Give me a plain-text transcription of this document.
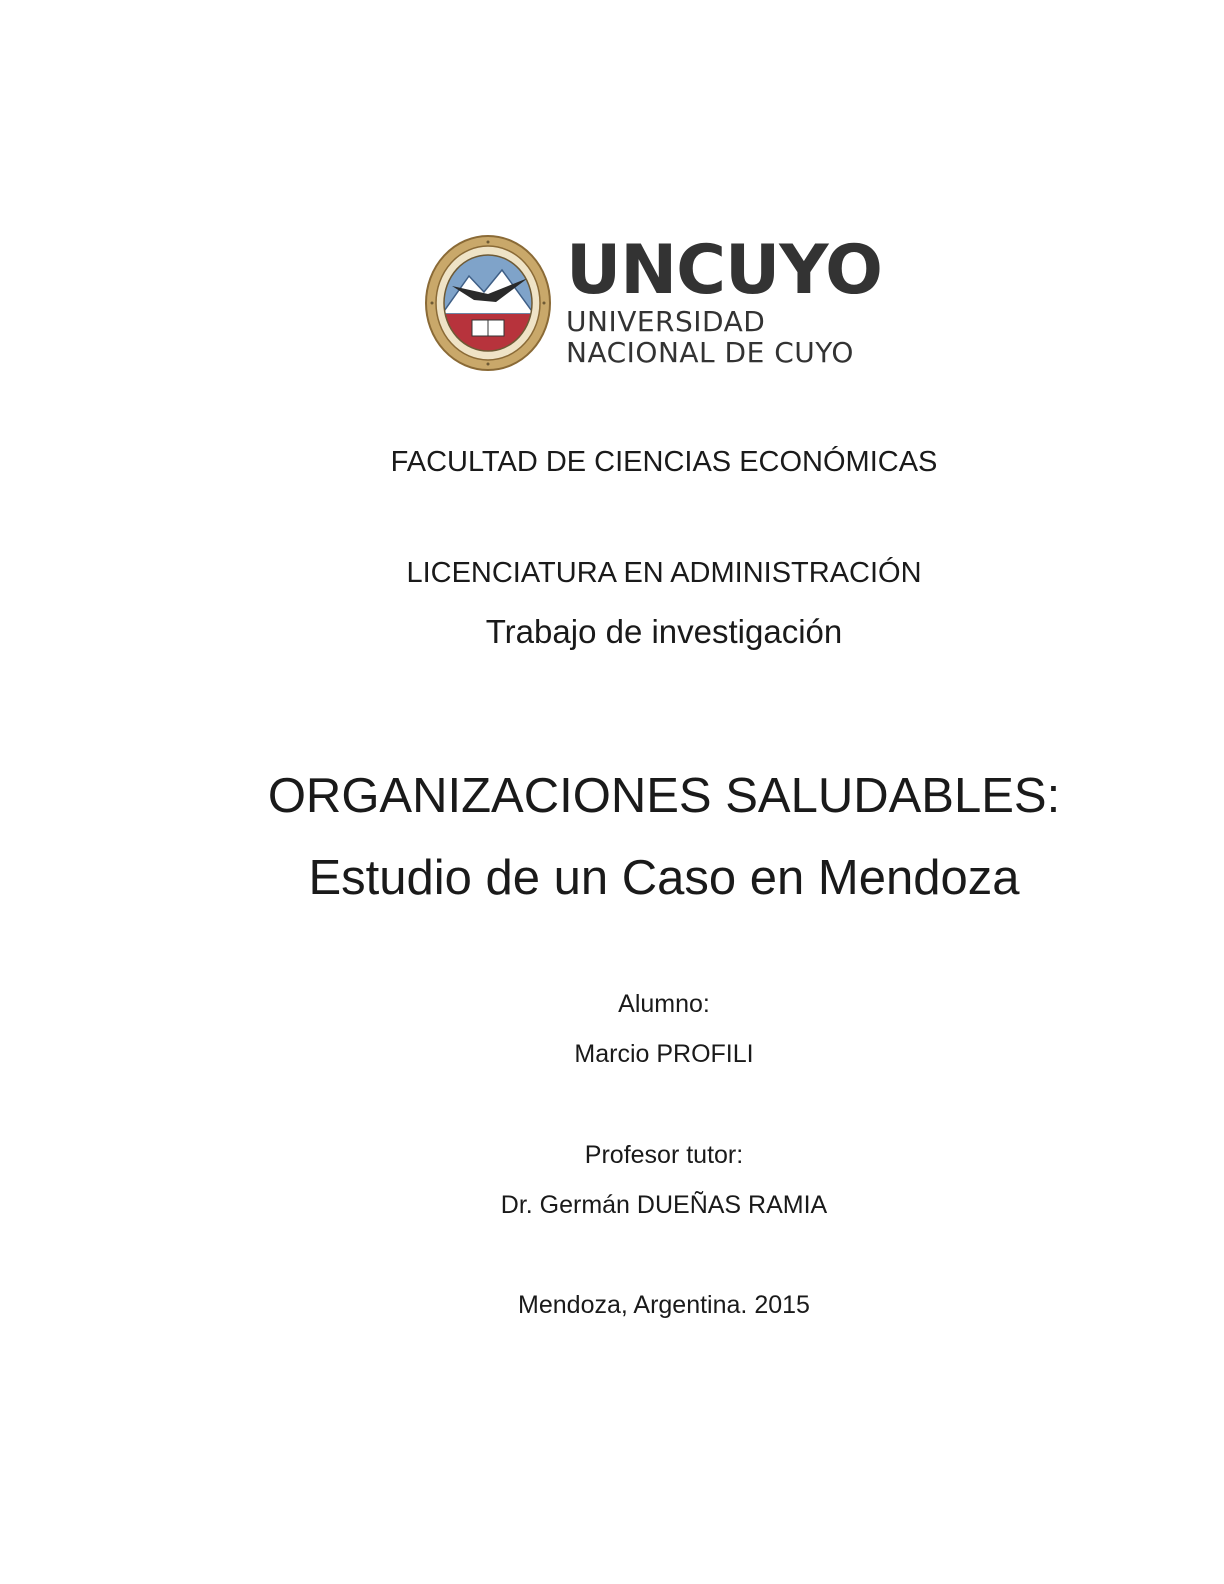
UNCUYO
UNIVERSIDAD
NACIONAL DE CUYO
FACULTAD DE CIENCIAS ECONÓMICAS
LICENCIATURA EN ADMINISTRACIÓN
Trabajo de investigación
ORGANIZACIONES SALUDABLES:
Estudio de un Caso en Mendoza
Alumno:
Marcio PROFILI
Profesor tutor:
Dr. Germán DUEÑAS RAMIA
Mendoza, Argentina. 2015
